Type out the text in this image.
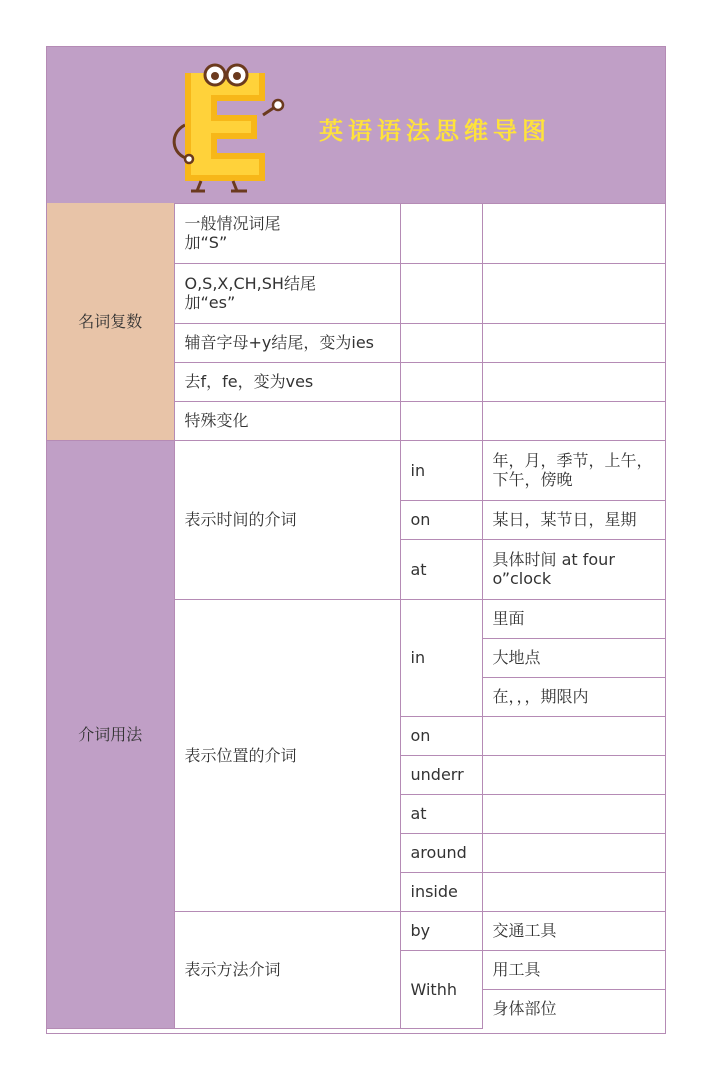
英语语法思维导图
名词复数	一般情况词尾
加“S”		

	O,S,X,CH,SH结尾
加“es”		

	辅音字母+y结尾，变为ies		
	去f，fe，变为ves		
	特殊变化		
介词用法	表示时间的介词	in	年，月，季节，上午，下午，傍晚
		on	某日，某节日，星期
		at	具体时间 at four o”clock
	表示位置的介词	in	里面
			大地点
			在，，，期限内
		on	
		underr	
		at	
		around	
		inside	
	表示方法介词	by	交通工具
		Withh	用工具
			身体部位
